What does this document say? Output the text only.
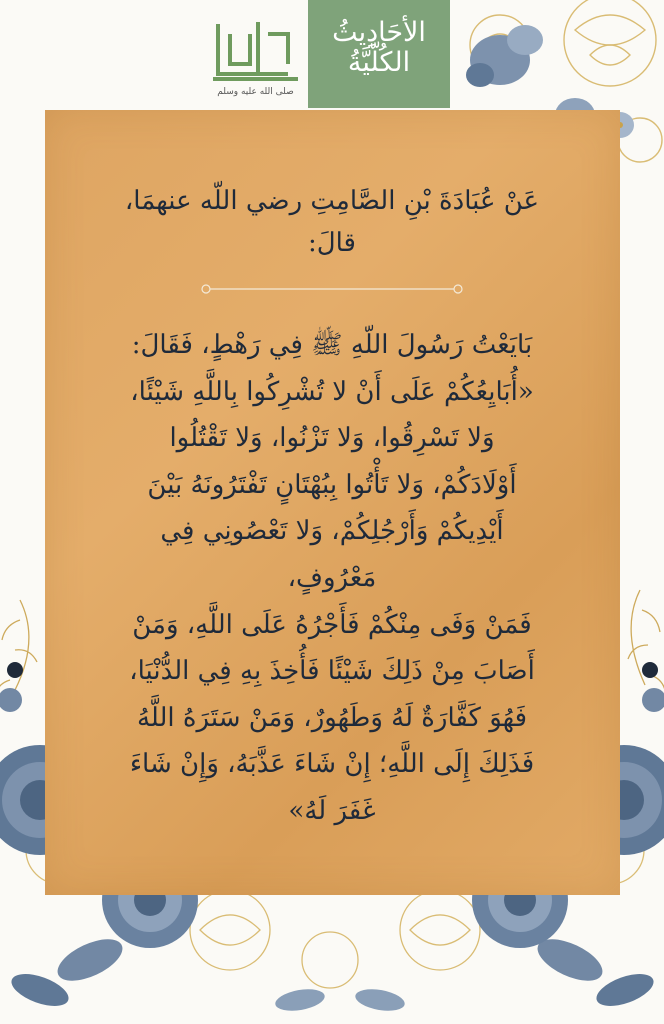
صلى الله عليه وسلم
الأحَادِيثُ
الكُلّيَّةُ
عَنْ عُبَادَةَ بْنِ الصَّامِتِ رضي اللّه عنهمَا،
قالَ:
بَايَعْتُ رَسُولَ اللّهِ ﷺ فِي رَهْطٍ، فَقَالَ:
«أُبَايِعُكُمْ عَلَى أَنْ لا تُشْرِكُوا بِاللَّهِ شَيْئًا،
وَلا تَسْرِقُوا، وَلا تَزْنُوا، وَلا تَقْتُلُوا
أَوْلَادَكُمْ، وَلا تَأْتُوا بِبُهْتَانٍ تَفْتَرُونَهُ بَيْنَ
أَيْدِيكُمْ وَأَرْجُلِكُمْ، وَلا تَعْصُونِي فِي
مَعْرُوفٍ،
فَمَنْ وَفَى مِنْكُمْ فَأَجْرُهُ عَلَى اللَّهِ، وَمَنْ
أَصَابَ مِنْ ذَلِكَ شَيْئًا فَأُخِذَ بِهِ فِي الدُّنْيَا،
فَهُوَ كَفَّارَةٌ لَهُ وَطَهُورٌ، وَمَنْ سَتَرَهُ اللَّهُ
فَذَلِكَ إِلَى اللَّهِ؛ إِنْ شَاءَ عَذَّبَهُ، وَإِنْ شَاءَ
غَفَرَ لَهُ»
